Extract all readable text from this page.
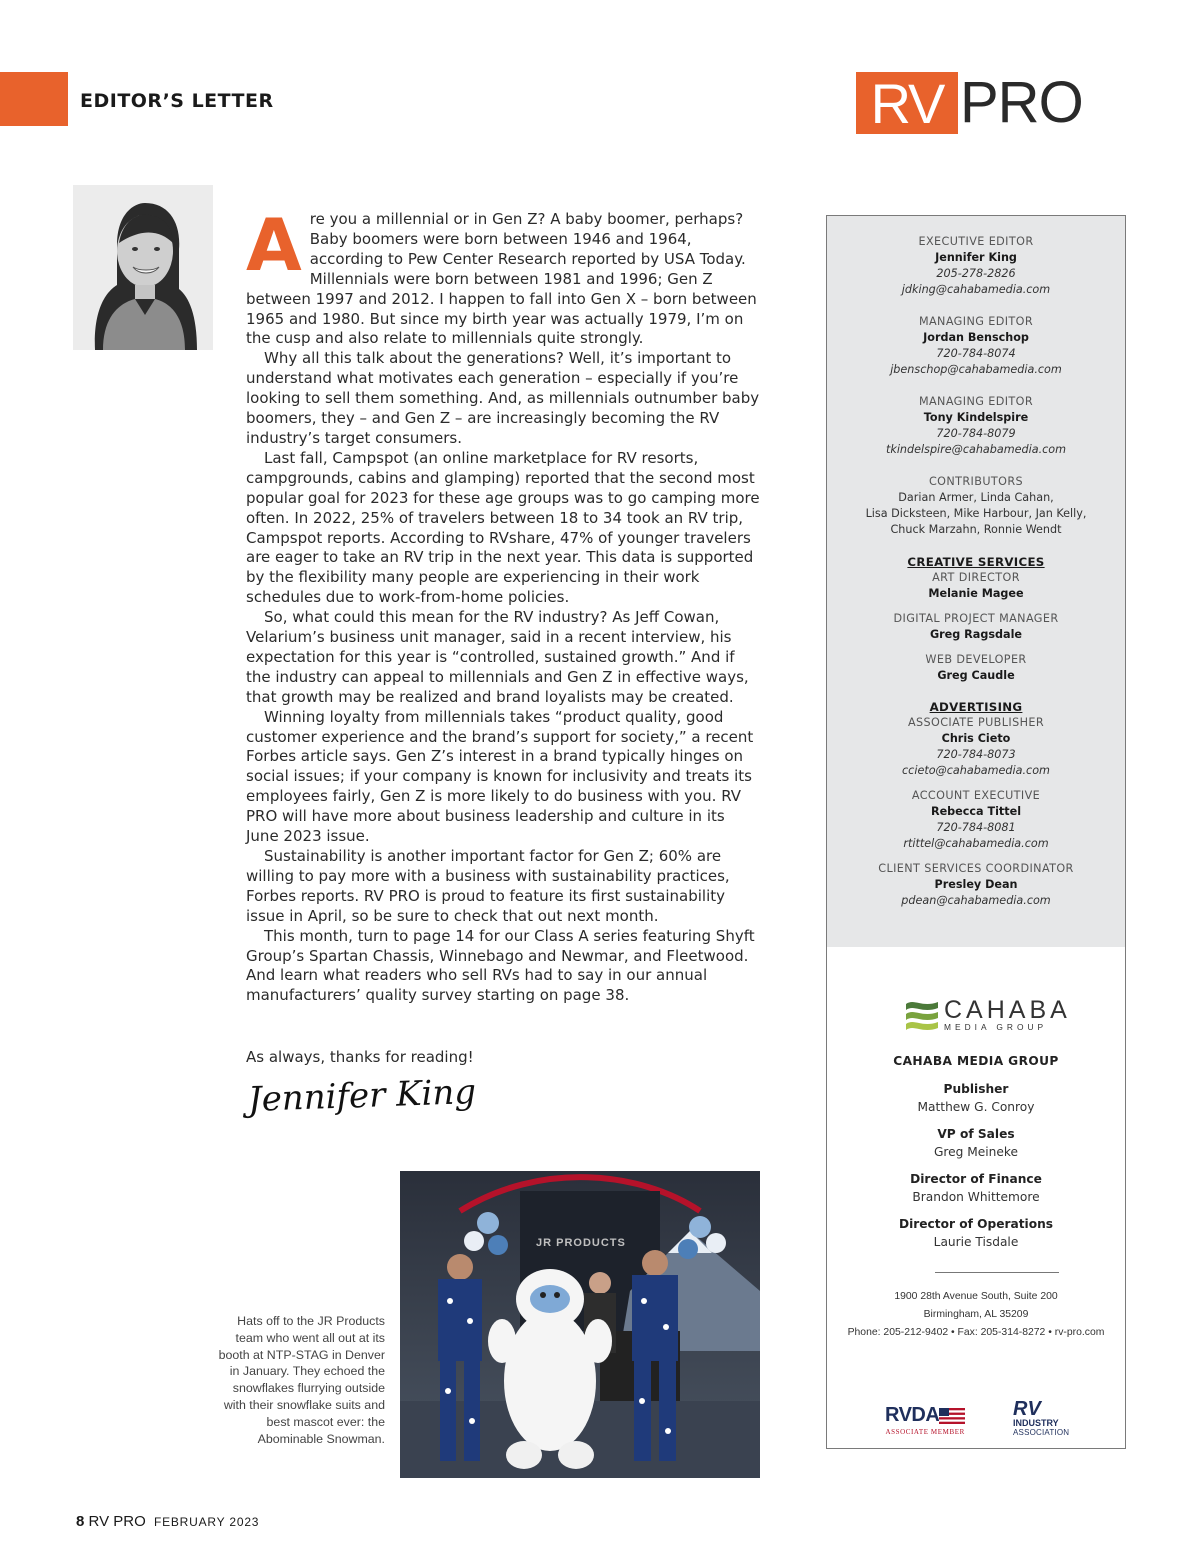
EDITOR’S LETTER	RV PRO
A re you a millennial or in Gen Z? A baby boomer, perhaps? Baby boomers were born between 1946 and 1964, according to Pew Center Research reported by USA Today. Millennials were born between 1981 and 1996; Gen Z between 1997 and 2012. I happen to fall into Gen X – born between 1965 and 1980. But since my birth year was actually 1979, I’m on the cusp and also relate to millennials quite strongly.

Why all this talk about the generations? Well, it’s important to understand what motivates each generation – especially if you’re looking to sell them something. And, as millennials outnumber baby boomers, they – and Gen Z – are increasingly becoming the RV industry’s target consumers.

Last fall, Campspot (an online marketplace for RV resorts, campgrounds, cabins and glamping) reported that the second most popular goal for 2023 for these age groups was to go camping more often. In 2022, 25% of travelers between 18 to 34 took an RV trip, Campspot reports. According to RVshare, 47% of younger travelers are eager to take an RV trip in the next year. This data is supported by the flexibility many people are experiencing in their work schedules due to work-from-home policies.

So, what could this mean for the RV industry? As Jeff Cowan, Velarium’s business unit manager, said in a recent interview, his expectation for this year is “controlled, sustained growth.” And if the industry can appeal to millennials and Gen Z in effective ways, that growth may be realized and brand loyalists may be created.

Winning loyalty from millennials takes “product quality, good customer experience and the brand’s support for society,” a recent Forbes article says. Gen Z’s interest in a brand typically hinges on social issues; if your company is known for inclusivity and treats its employees fairly, Gen Z is more likely to do business with you. RV PRO will have more about business leadership and culture in its June 2023 issue.

Sustainability is another important factor for Gen Z; 60% are willing to pay more with a business with sustainability practices, Forbes reports. RV PRO is proud to feature its first sustainability issue in April, so be sure to check that out next month.

This month, turn to page 14 for our Class A series featuring Shyft Group’s Spartan Chassis, Winnebago and Newmar, and Fleetwood. And learn what readers who sell RVs had to say in our annual manufacturers’ quality survey starting on page 38.

As always, thanks for reading!
Jennifer King
JR PRODUCTS
Hats off to the JR Products team who went all out at its booth at NTP-STAG in Denver in January. They echoed the snowflakes flurrying outside with their snowflake suits and best mascot ever: the Abominable Snowman.
EXECUTIVE EDITOR
Jennifer King
205-278-2826
jdking@cahabamedia.com
MANAGING EDITOR
Jordan Benschop
720-784-8074
jbenschop@cahabamedia.com
MANAGING EDITOR
Tony Kindelspire
720-784-8079
tkindelspire@cahabamedia.com
CONTRIBUTORS
Darian Armer, Linda Cahan,
Lisa Dicksteen, Mike Harbour, Jan Kelly,
Chuck Marzahn, Ronnie Wendt
CREATIVE SERVICES
ART DIRECTOR
Melanie Magee
DIGITAL PROJECT MANAGER
Greg Ragsdale
WEB DEVELOPER
Greg Caudle
ADVERTISING
ASSOCIATE PUBLISHER
Chris Cieto
720-784-8073
ccieto@cahabamedia.com
ACCOUNT EXECUTIVE
Rebecca Tittel
720-784-8081
rtittel@cahabamedia.com
CLIENT SERVICES COORDINATOR
Presley Dean
pdean@cahabamedia.com
CAHABA
MEDIA GROUP
CAHABA MEDIA GROUP
Publisher
Matthew G. Conroy
VP of Sales
Greg Meineke
Director of Finance
Brandon Whittemore
Director of Operations
Laurie Tisdale
1900 28th Avenue South, Suite 200
Birmingham, AL 35209
Phone: 205-212-9402 • Fax: 205-314-8272 • rv-pro.com
RVDA
ASSOCIATE MEMBER
RV
INDUSTRY
ASSOCIATION
8 RV PRO FEBRUARY 2023
